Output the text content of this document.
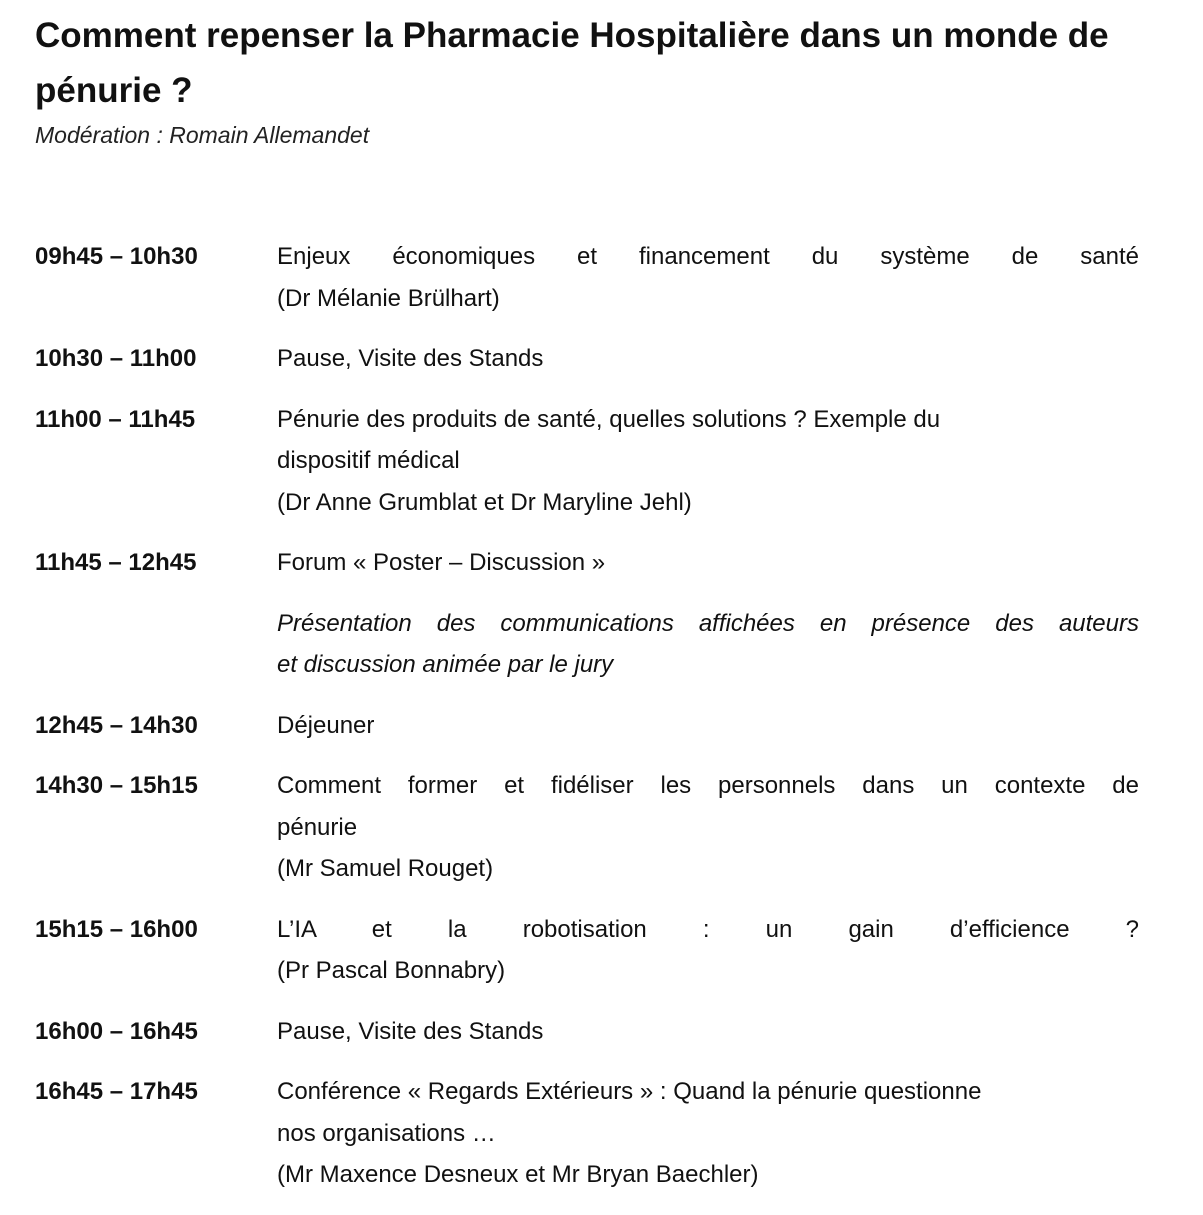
Comment repenser la Pharmacie Hospitalière dans un monde de pénurie ?
Modération : Romain Allemandet
09h45 – 10h30	Enjeux économiques et financement du système de santé
(Dr Mélanie Brülhart)
10h30 – 11h00	Pause, Visite des Stands
11h00 – 11h45	Pénurie des produits de santé, quelles solutions ? Exemple du
dispositif médical
(Dr Anne Grumblat et Dr Maryline Jehl)
11h45 – 12h45	Forum « Poster – Discussion »
Présentation des communications affichées en présence des auteurs
et discussion animée par le jury
12h45 – 14h30	Déjeuner
14h30 – 15h15	Comment former et fidéliser les personnels dans un contexte de
pénurie
(Mr Samuel Rouget)
15h15 – 16h00	L’IA et la robotisation : un gain d’efficience ?
(Pr Pascal Bonnabry)
16h00 – 16h45	Pause, Visite des Stands
16h45 – 17h45	Conférence « Regards Extérieurs » : Quand la pénurie questionne
nos organisations …
(Mr Maxence Desneux et Mr Bryan Baechler)
